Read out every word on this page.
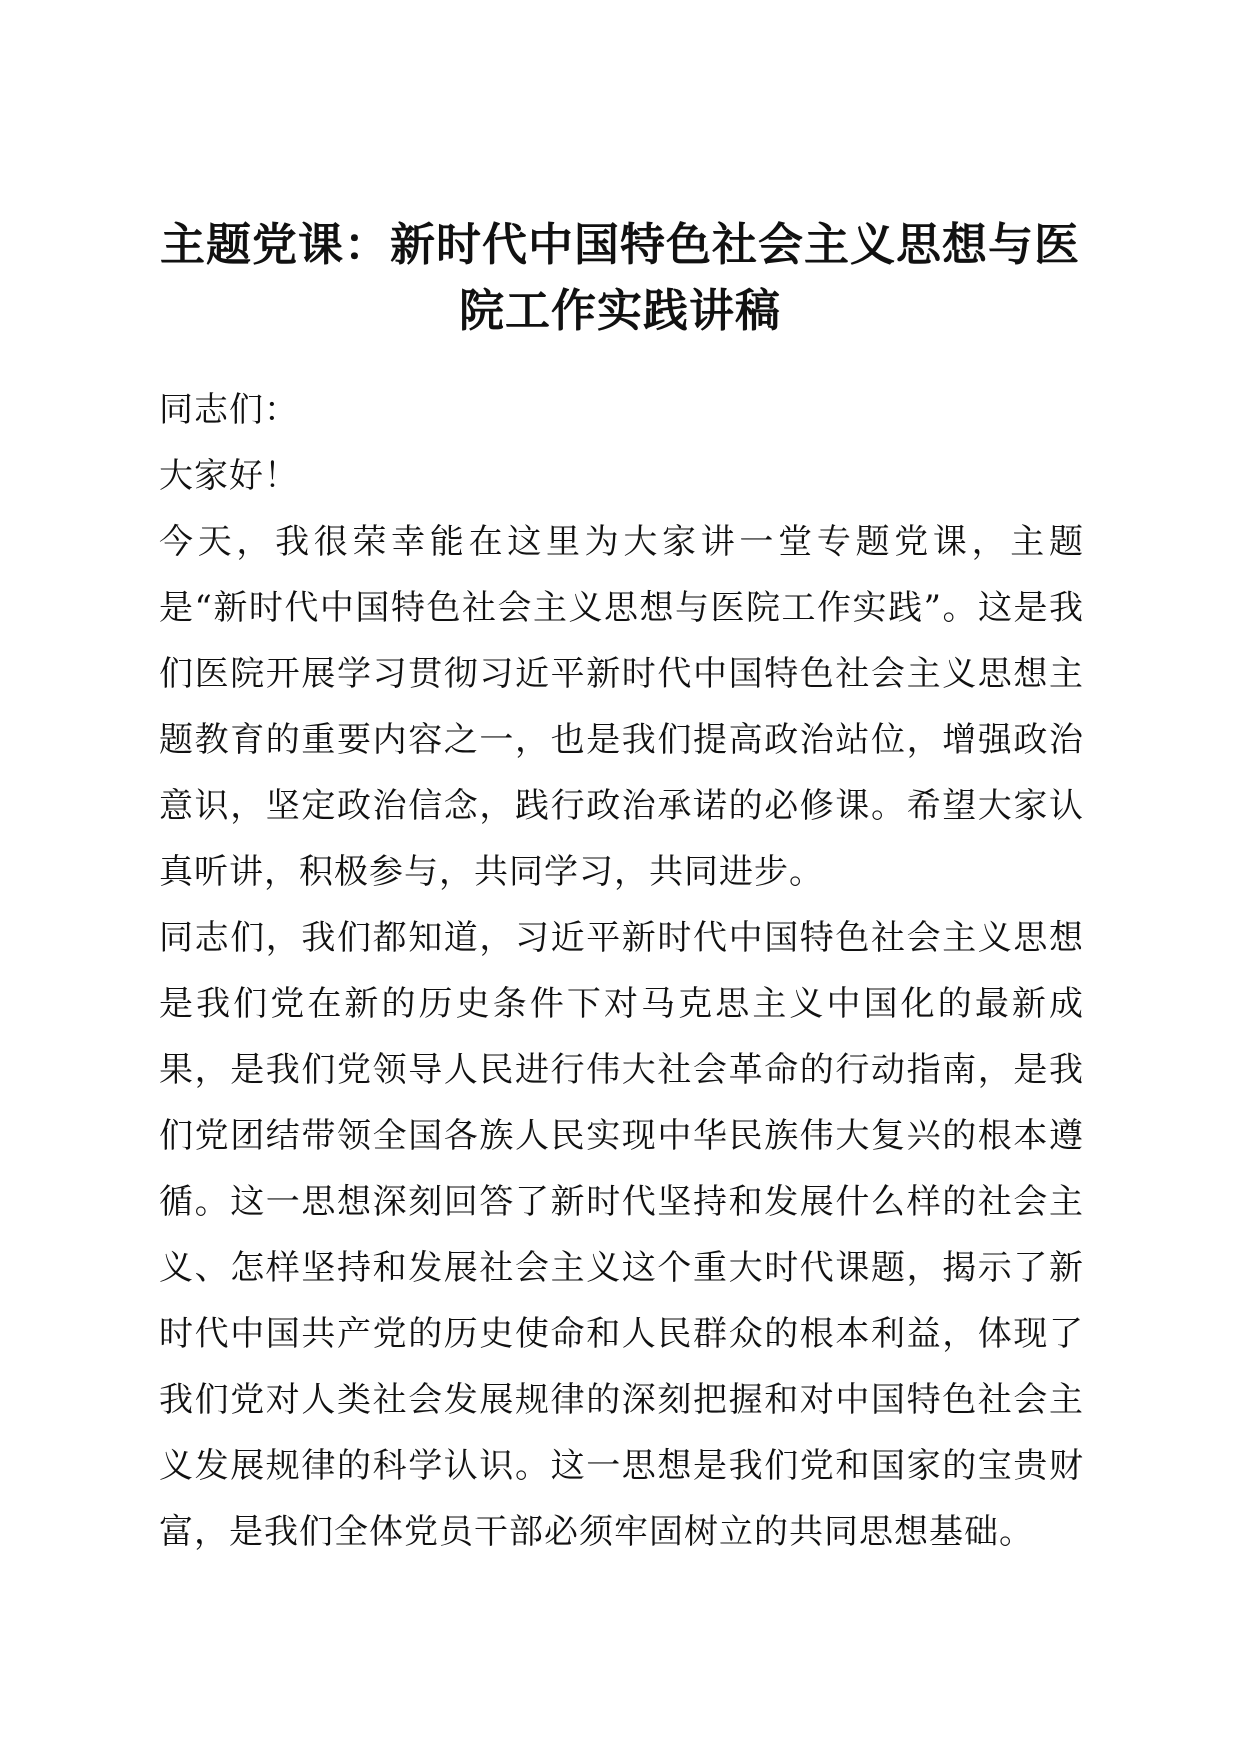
主题党课：新时代中国特色社会主义思想与医院工作实践讲稿

同志们：

大家好！

今天，我很荣幸能在这里为大家讲一堂专题党课，主题是“新时代中国特色社会主义思想与医院工作实践”。这是我们医院开展学习贯彻习近平新时代中国特色社会主义思想主题教育的重要内容之一，也是我们提高政治站位，增强政治意识，坚定政治信念，践行政治承诺的必修课。希望大家认真听讲，积极参与，共同学习，共同进步。

同志们，我们都知道，习近平新时代中国特色社会主义思想是我们党在新的历史条件下对马克思主义中国化的最新成果，是我们党领导人民进行伟大社会革命的行动指南，是我们党团结带领全国各族人民实现中华民族伟大复兴的根本遵循。这一思想深刻回答了新时代坚持和发展什么样的社会主义、怎样坚持和发展社会主义这个重大时代课题，揭示了新时代中国共产党的历史使命和人民群众的根本利益，体现了我们党对人类社会发展规律的深刻把握和对中国特色社会主义发展规律的科学认识。这一思想是我们党和国家的宝贵财富，是我们全体党员干部必须牢固树立的共同思想基础。
